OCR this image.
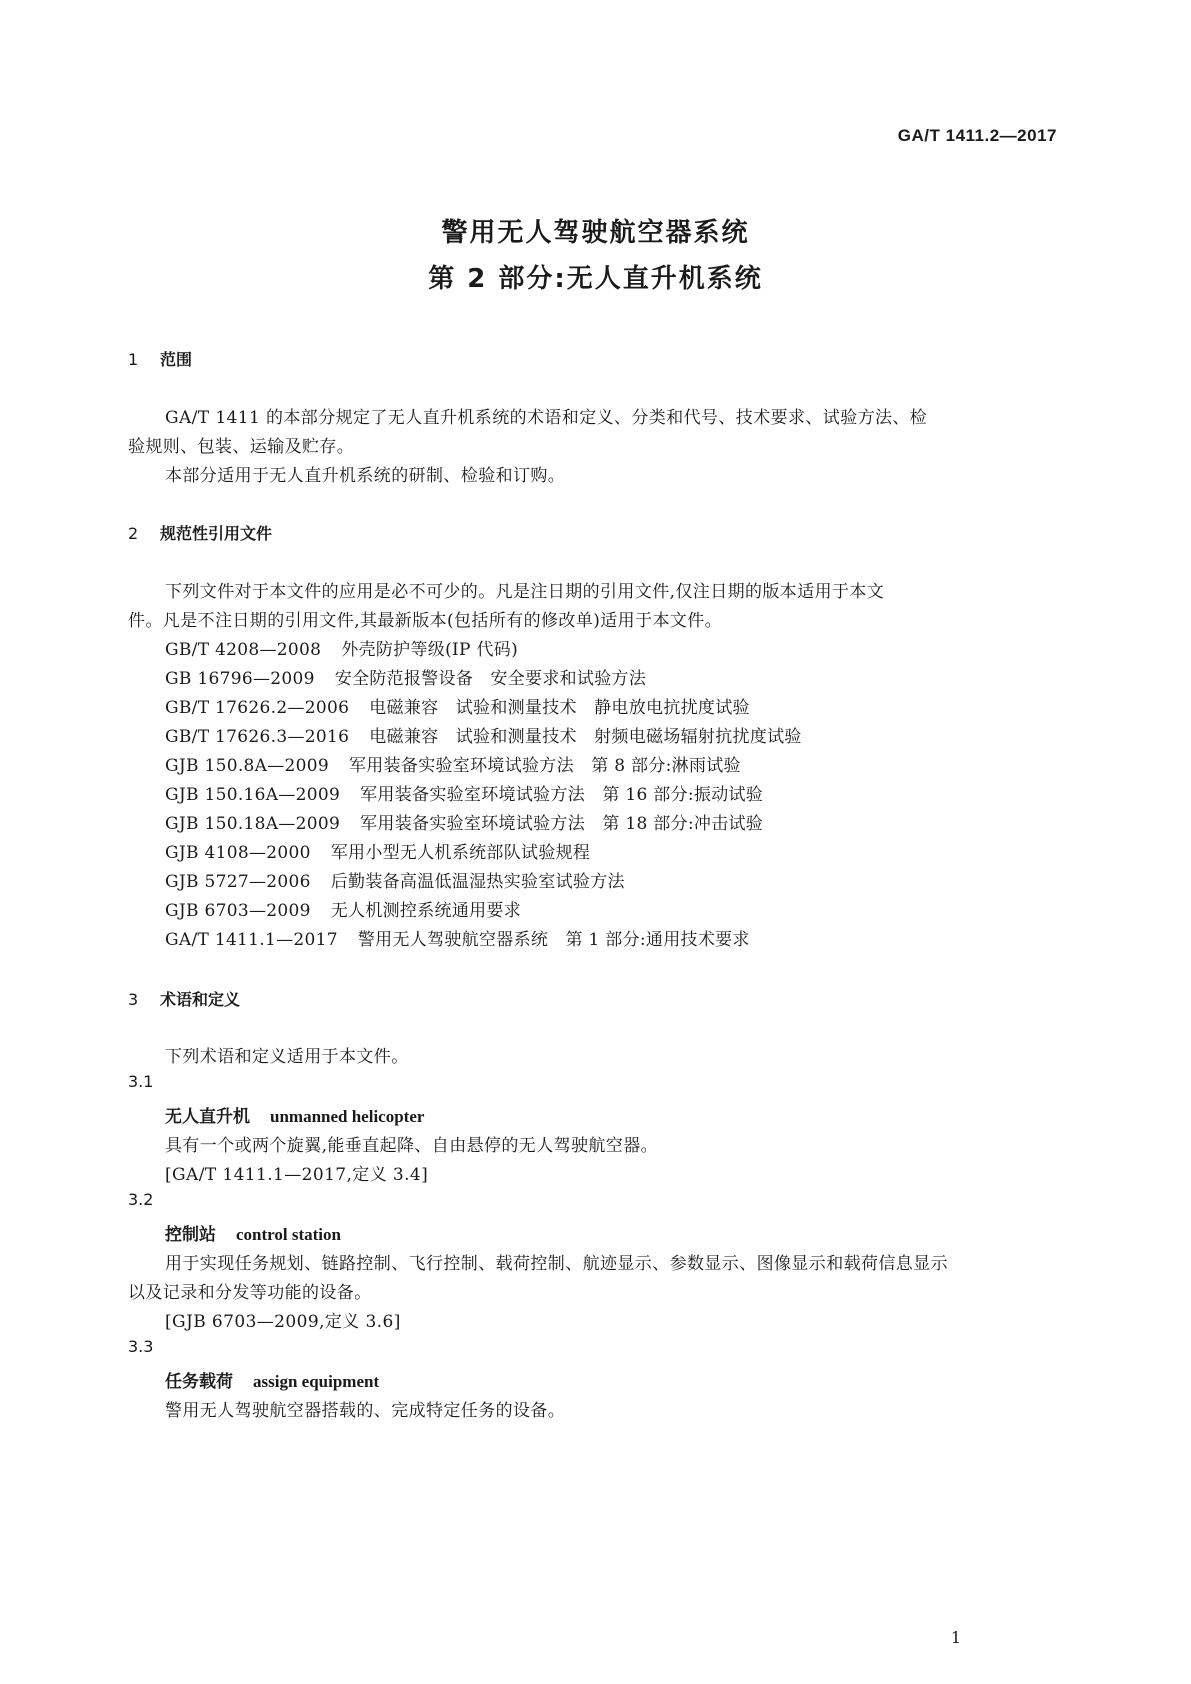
GA/T 1411.2—2017
警用无人驾驶航空器系统
第 2 部分:无人直升机系统
1 范围
GA/T 1411 的本部分规定了无人直升机系统的术语和定义、分类和代号、技术要求、试验方法、检
验规则、包装、运输及贮存。
本部分适用于无人直升机系统的研制、检验和订购。
2 规范性引用文件
下列文件对于本文件的应用是必不可少的。凡是注日期的引用文件,仅注日期的版本适用于本文
件。凡是不注日期的引用文件,其最新版本(包括所有的修改单)适用于本文件。
GB/T 4208—2008 外壳防护等级(IP 代码)
GB 16796—2009 安全防范报警设备　安全要求和试验方法
GB/T 17626.2—2006 电磁兼容　试验和测量技术　静电放电抗扰度试验
GB/T 17626.3—2016 电磁兼容　试验和测量技术　射频电磁场辐射抗扰度试验
GJB 150.8A—2009 军用装备实验室环境试验方法　第 8 部分:淋雨试验
GJB 150.16A—2009 军用装备实验室环境试验方法　第 16 部分:振动试验
GJB 150.18A—2009 军用装备实验室环境试验方法　第 18 部分:冲击试验
GJB 4108—2000 军用小型无人机系统部队试验规程
GJB 5727—2006 后勤装备高温低温湿热实验室试验方法
GJB 6703—2009 无人机测控系统通用要求
GA/T 1411.1—2017 警用无人驾驶航空器系统　第 1 部分:通用技术要求
3 术语和定义
下列术语和定义适用于本文件。
3.1
无人直升机 unmanned helicopter
具有一个或两个旋翼,能垂直起降、自由悬停的无人驾驶航空器。
[GA/T 1411.1—2017,定义 3.4]
3.2
控制站 control station
用于实现任务规划、链路控制、飞行控制、载荷控制、航迹显示、参数显示、图像显示和载荷信息显示
以及记录和分发等功能的设备。
[GJB 6703—2009,定义 3.6]
3.3
任务载荷 assign equipment
警用无人驾驶航空器搭载的、完成特定任务的设备。
1
